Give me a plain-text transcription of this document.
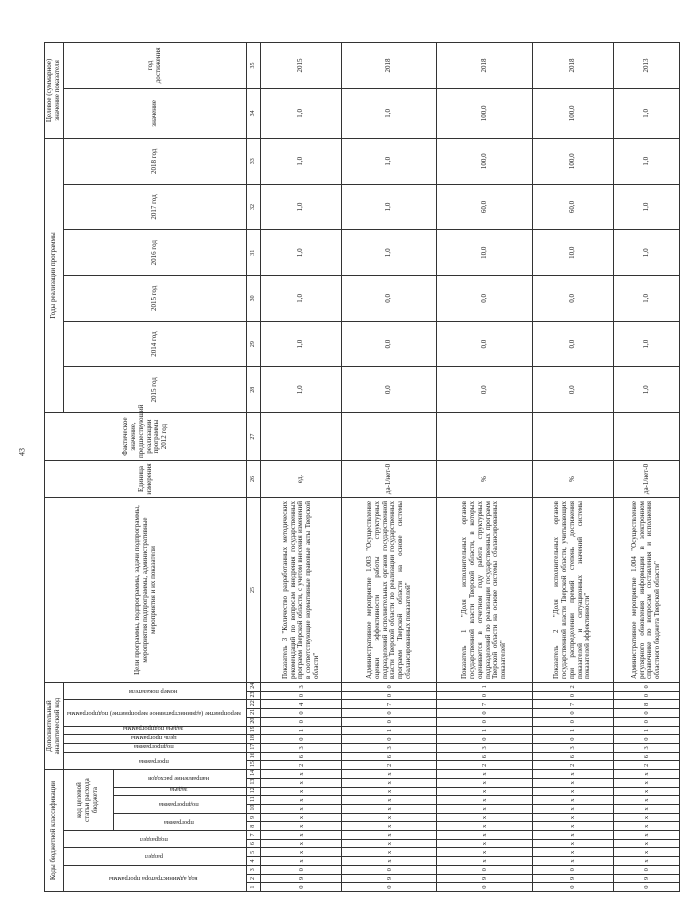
43
Коды бюджетной классификации														Дополнительный аналитический код										Цели программы, подпрограммы, задачи подпрограммы, мероприятия подпрограммы, административные мероприятия и их показатели	Единица измерения	Фактическое значение, предшествующий реализации программы 2012 год	Годы реализации программы						Целевое (суммарное) значение показателя	
код администратора программы			раздел		подраздел		код целевой статьи расхода бюджета							программа		подпрограмма	цель программы	задача подпрограммы	мероприятие (административное мероприятие) подпрограммы			номер показателя					2015 год	2014 год	2015 год	2016 год	2017 год	2018 год	значение	год достижения
							программа		подпрограмма		задача	направление расходов																						
1	2	3	4	5	6	7	8	9	10	11	12	13	14	15	16	17	18	19	20	21	22	23	24	25	26	27	28	29	30	31	32	33	34	35
0	9	0	х	х	х	х	х	х	х	х	х	х	х	2	6	3	0	1	0	0	4	0	3	Показатель 3 "Количество разработанных методических рекомендаций по вопросам внедрения государственных программ Тверской области, с учетом внесения изменений в соответствующие нормативные правовые акты Тверской области"	ед.		1,0	1,0	1,0	1,0	1,0	1,0	1,0	2015
0	9	0	х	х	х	х	х	х	х	х	х	х	х	2	6	3	0	1	0	0	7	0	0	Административное мероприятие 1.003 "Осуществление оценки эффективности работы структурных подразделений исполнительных органов государственной власти Тверской области по реализации государственных программ Тверской области на основе системы сбалансированных показателей"	да-1/нет-0		0,0	0,0	0,0	1,0	1,0	1,0	1,0	2018
0	9	0	х	х	х	х	х	х	х	х	х	х	х	2	6	3	0	1	0	0	7	0	1	Показатель 1 "Доля исполнительных органов государственной власти Тверской области, в которых оценивается в отчетном году работа структурных подразделений по реализации государственных программ Тверской области на основе системы сбалансированных показателей"	%		0,0	0,0	0,0	10,0	60,0	100,0	100,0	2018
0	9	0	х	х	х	х	х	х	х	х	х	х	х	2	6	3	0	1	0	0	7	0	2	Показатель 2 "Доля исполнительных органов государственной власти Тверской области, учитывающих при распределении премий степень достижения показателей и ситуационных значений системы показателей эффективности"	%		0,0	0,0	0,0	10,0	60,0	100,0	100,0	2018
0	9	0	х	х	х	х	х	х	х	х	х	х	х	2	6	3	0	1	0	0	8	0	0	Административное мероприятие 1.004 "Осуществление регулярного обновления информации в электронном справочнике по вопросам составления и исполнения областного бюджета Тверской области"	да-1/нет-0		1,0	1,0	1,0	1,0	1,0	1,0	1,0	2013
